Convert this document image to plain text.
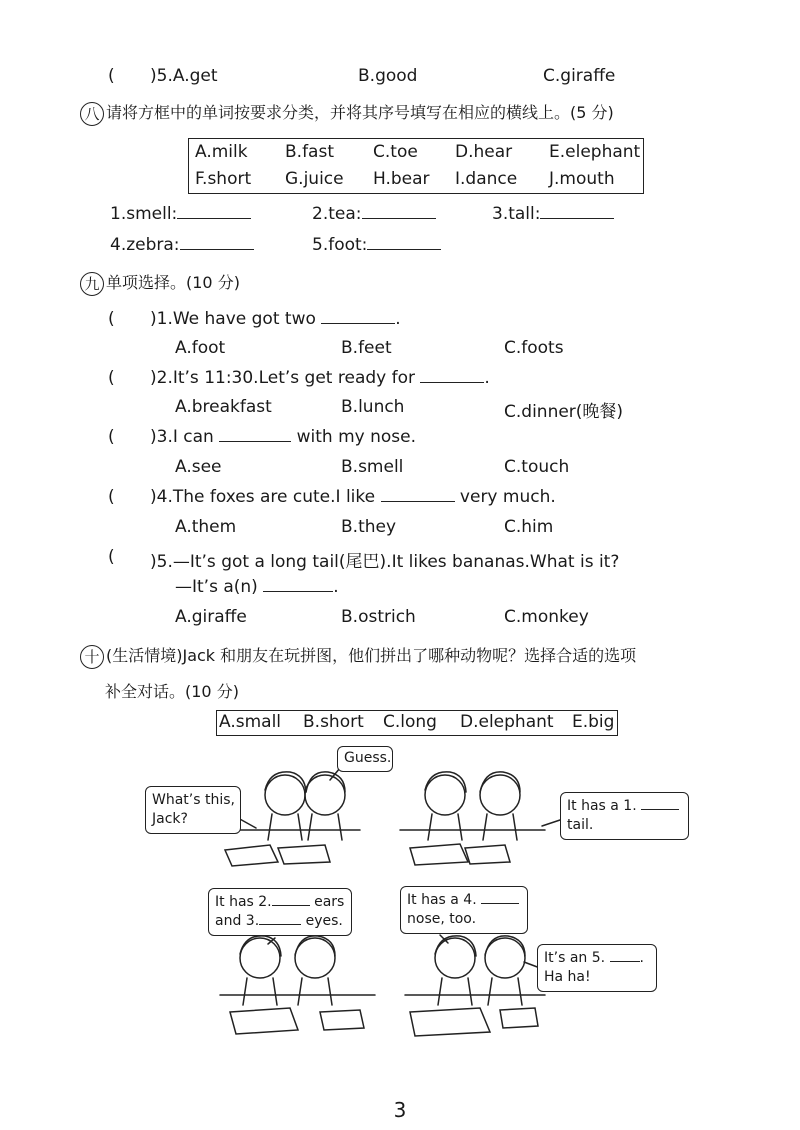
( )5.A.get	B.good	C.giraffe
八 请将方框中的单词按要求分类，并将其序号填写在相应的横线上。(5 分)
A.milk B.fast C.toe D.hear E.elephant
F.short G.juice H.bear I.dance J.mouth
1.smell:	2.tea:	3.tall:
4.zebra:	5.foot:
九 单项选择。(10 分)
( )1.We have got two	.
A.foot	B.feet	C.foots
( )2.It’s 11:30.Let’s get ready for	.
A.breakfast	B.lunch	C.dinner(晚餐)
( )3.I can	with my nose.
A.see	B.smell	C.touch
( )4.The foxes are cute.I like	very much.
A.them	B.they	C.him
( )5.—It’s got a long tail(尾巴).It likes bananas.What is it?
—It’s a(n)	.
A.giraffe	B.ostrich	C.monkey
十 (生活情境)Jack 和朋友在玩拼图，他们拼出了哪种动物呢？选择合适的选项
补全对话。(10 分)
A.small B.short C.long D.elephant E.big
What’s this,
Jack?
Guess.
It has a 1.
tail.
It has 2.	ears
and 3.	eyes.
It has a 4.
nose, too.
It’s an 5. .
Ha ha!
3
